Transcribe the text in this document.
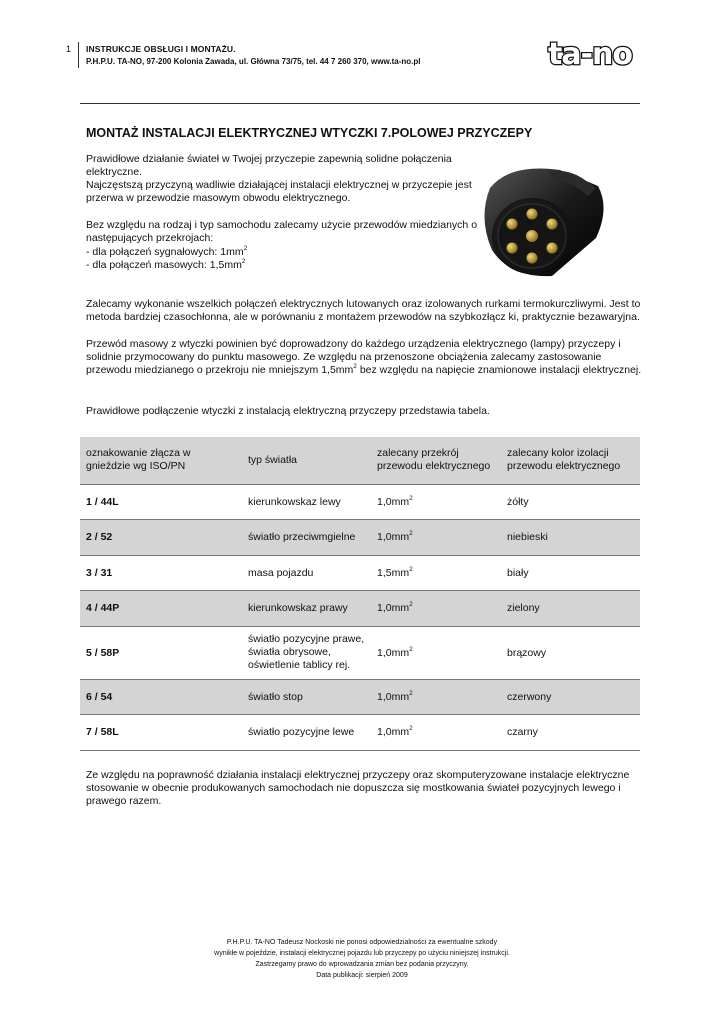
1 INSTRUKCJE OBSŁUGI I MONTAŻU.
P.H.P.U. TA-NO, 97-200 Kolonia Zawada, ul. Główna 73/75, tel. 44 7 260 370, www.ta-no.pl	ta-no
MONTAŻ INSTALACJI ELEKTRYCZNEJ WTYCZKI 7.POLOWEJ PRZYCZEPY

Prawidłowe działanie świateł w Twojej przyczepie zapewnią solidne połączenia elektryczne.

Najczęstszą przyczyną wadliwie działającej instalacji elektrycznej w przyczepie jest przerwa w przewodzie masowym obwodu elektrycznego.

Bez względu na rodzaj i typ samochodu zalecamy użycie przewodów miedzianych o następujących przekrojach:

- dla połączeń sygnałowych: $1mm^2$

- dla połączeń masowych: $1,5mm^2$

Zalecamy wykonanie wszelkich połączeń elektrycznych lutowanych oraz izolowanych rurkami termokurczliwymi. Jest to metoda bardziej czasochłonna, ale w porównaniu z montażem przewodów na szybkozłącz ki, praktycznie bezawaryjna.

Przewód masowy z wtyczki powinien być doprowadzony do każdego urządzenia elektrycznego (lampy) przyczepy i solidnie przymocowany do punktu masowego. Ze względu na przenoszone obciążenia zalecamy zastosowanie przewodu miedzianego o przekroju nie mniejszym $1,5mm^2$ bez względu na napięcie znamionowe instalacji elektrycznej.

Prawidłowe podłączenie wtyczki z instalacją elektryczną przyczepy przedstawia tabela.

oznakowanie złącza w gnieździe wg ISO/PN	typ światła	zalecany przekrój przewodu elektrycznego	zalecany kolor izolacji przewodu elektrycznego
1 / 44L	kierunkowskaz lewy	$1,0mm^2$	żółty
2 / 52	światło przeciwmgielne	$1,0mm^2$	niebieski
3 / 31	masa pojazdu	$1,5mm^2$	biały
4 / 44P	kierunkowskaz prawy	$1,0mm^2$	zielony
5 / 58P	światło pozycyjne prawe, światła obrysowe, oświetlenie tablicy rej.	$1,0mm^2$	brązowy
6 / 54	światło stop	$1,0mm^2$	czerwony
7 / 58L	światło pozycyjne lewe	$1,0mm^2$	czarny

Ze względu na poprawność działania instalacji elektrycznej przyczepy oraz skomputeryzowane instalacje elektryczne stosowanie w obecnie produkowanych samochodach nie dopuszcza się mostkowania świateł pozycyjnych lewego i prawego razem.

P.H.P.U. TA-NO Tadeusz Nockoski nie ponosi odpowiedzialności za ewentualne szkody
wynikłe w pojeździe, instalacji elektrycznej pojazdu lub przyczepy po użyciu niniejszej instrukcji.
Zastrzegamy prawo do wprowadzania zmian bez podania przyczyny.
Data publikacji: sierpień 2009
